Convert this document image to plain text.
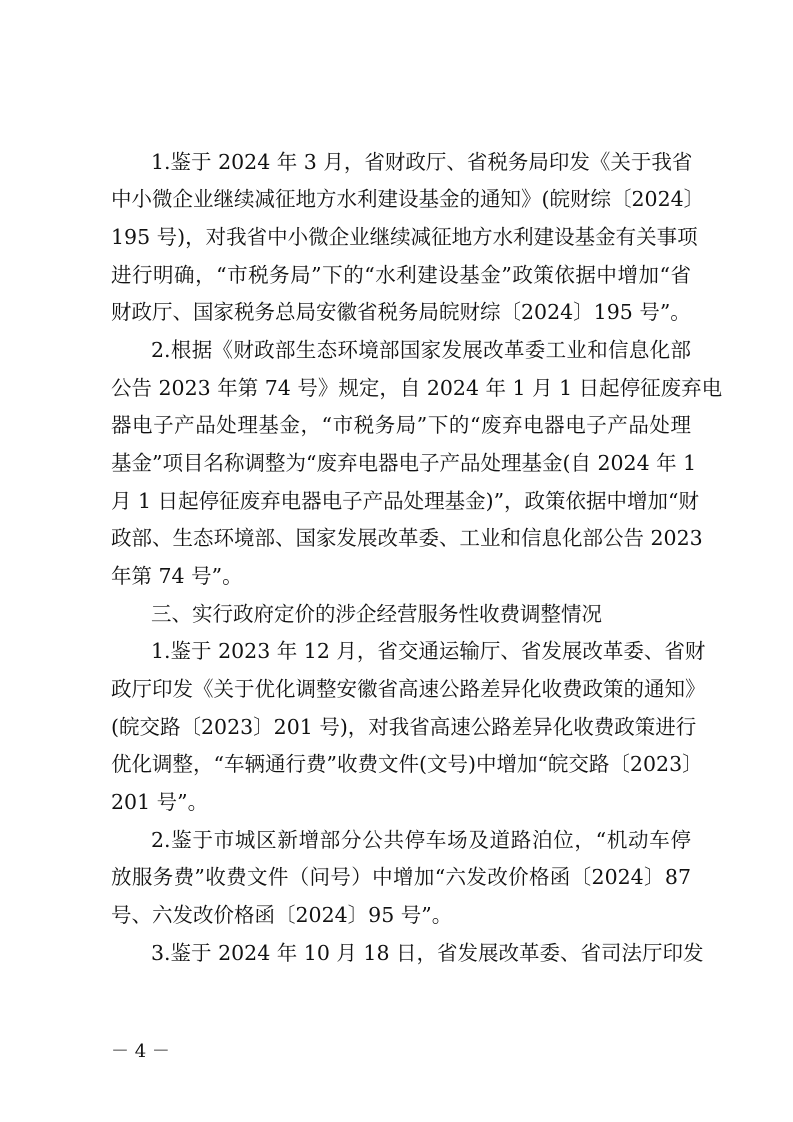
1.鉴于 2024 年 3 月，省财政厅、省税务局印发《关于我省
中小微企业继续减征地方水利建设基金的通知》(皖财综〔2024〕
195 号)，对我省中小微企业继续减征地方水利建设基金有关事项
进行明确，“市税务局”下的“水利建设基金”政策依据中增加“省
财政厅、国家税务总局安徽省税务局皖财综〔2024〕195 号”。
2.根据《财政部生态环境部国家发展改革委工业和信息化部
公告 2023 年第 74 号》规定，自 2024 年 1 月 1 日起停征废弃电
器电子产品处理基金，“市税务局”下的“废弃电器电子产品处理
基金”项目名称调整为“废弃电器电子产品处理基金(自 2024 年 1
月 1 日起停征废弃电器电子产品处理基金)”，政策依据中增加“财
政部、生态环境部、国家发展改革委、工业和信息化部公告 2023
年第 74 号”。
三、实行政府定价的涉企经营服务性收费调整情况
1.鉴于 2023 年 12 月，省交通运输厅、省发展改革委、省财
政厅印发《关于优化调整安徽省高速公路差异化收费政策的通知》
(皖交路〔2023〕201 号)，对我省高速公路差异化收费政策进行
优化调整，“车辆通行费”收费文件(文号)中增加“皖交路〔2023〕
201 号”。
2.鉴于市城区新增部分公共停车场及道路泊位，“机动车停
放服务费”收费文件（问号）中增加“六发改价格函〔2024〕87
号、六发改价格函〔2024〕95 号”。
3.鉴于 2024 年 10 月 18 日，省发展改革委、省司法厅印发
－ 4 －
